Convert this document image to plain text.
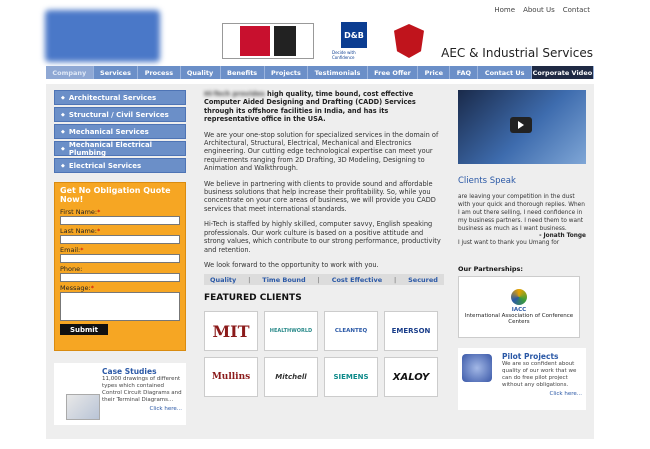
Home About Us Contact
D&B
Decide with Confidence	AEC & Industrial Services
Company	Services	Process	Quality	Benefits	Projects	Testimonials	Free Offer	Price	FAQ	Contact Us	Corporate Video
◆ Architectural Services
◆ Structural / Civil Services
◆ Mechanical Services
◆ Mechanical Electrical Plumbing
◆ Electrical Services
Get No Obligation Quote Now!
First Name:*
Last Name:*
Email:*
Phone:
Message:*
Submit
Case Studies

11,000 drawings of different types which contained Control Circuit Diagrams and their Terminal Diagrams...

Click here...

Hi-Tech provides high quality, time bound, cost effective Computer Aided Designing and Drafting (CADD) Services through its offshore facilities in India, and has its representative office in the USA.

We are your one-stop solution for specialized services in the domain of Architectural, Structural, Electrical, Mechanical and Electronics engineering. Our cutting edge technological expertise can meet your requirements ranging from 2D Drafting, 3D Modeling, Designing to Animation and Walkthrough.

We believe in partnering with clients to provide sound and affordable business solutions that help increase their profitability. So, while you concentrate on your core areas of business, we will provide you CADD services that meet international standards.

Hi-Tech is staffed by highly skilled, computer savvy, English speaking professionals. Our work culture is based on a positive attitude and strong values, which contribute to our strong performance, productivity and retention.

We look forward to the opportunity to work with you.

Quality | Time Bound | Cost Effective | Secured
FEATURED CLIENTS
MIT	HEALTHWORLD	CLEANTEQ	EMERSON
Mullins	Mitchell	SIEMENS	XALOY
Clients Speak

are leaving your competition in the dust with your quick and thorough replies. When I am out there selling, I need confidence in my business partners. I need them to want business as much as I want business.

- Jonath Tonge

I just want to thank you Umang for

Our Partnerships:
IACC
International Association of Conference Centers
Pilot Projects

We are so confident about quality of our work that we can do free pilot project without any obligations.

Click here...
